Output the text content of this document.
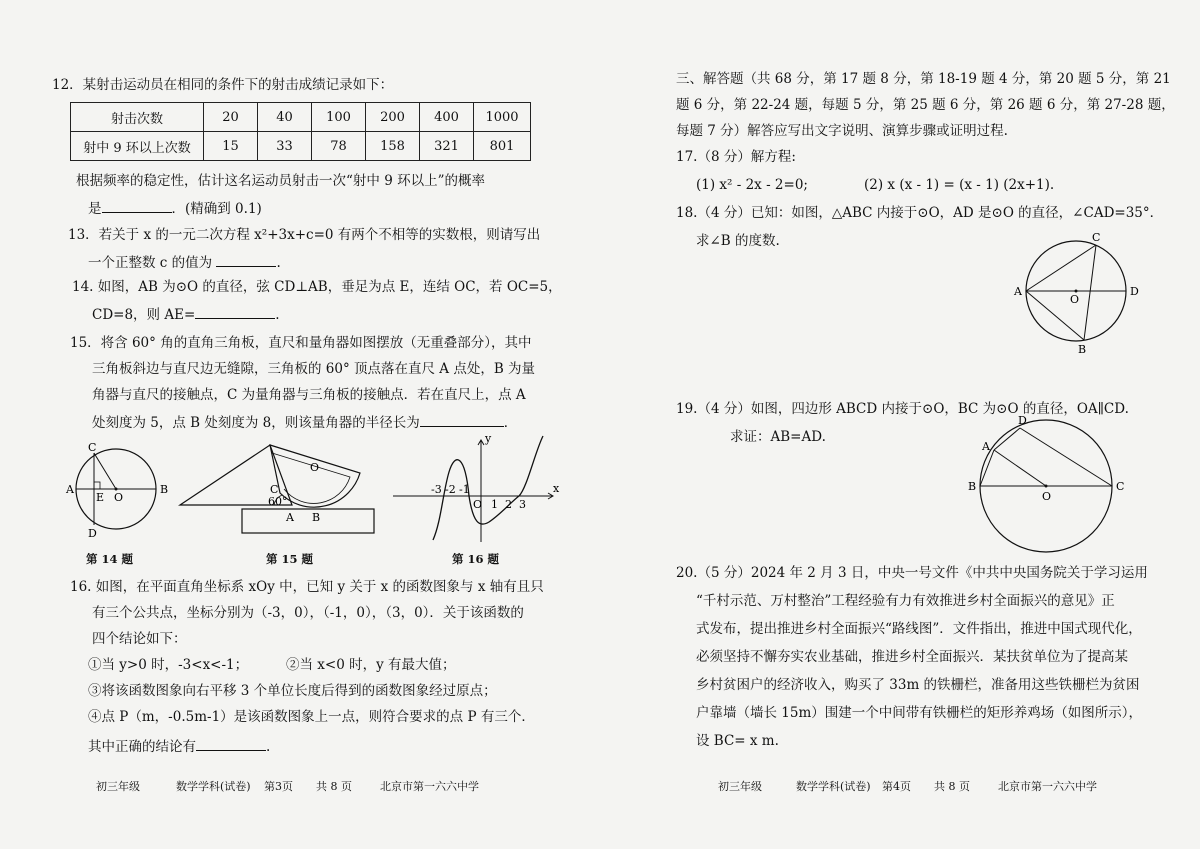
12．某射击运动员在相同的条件下的射击成绩记录如下：
射击次数	20	40	100	200	400	1000
射中 9 环以上次数	15	33	78	158	321	801
根据频率的稳定性，估计这名运动员射击一次“射中 9 环以上”的概率
是	．(精确到 0.1)
13．若关于 x 的一元二次方程 x²+3x+c=0 有两个不相等的实数根，则请写出
一个正整数 c 的值为	.
14. 如图，AB 为⊙O 的直径，弦 CD⊥AB，垂足为点 E，连结 OC，若 OC=5，
CD=8，则 AE=	.
15．将含 60° 角的直角三角板，直尺和量角器如图摆放（无重叠部分），其中
三角板斜边与直尺边无缝隙，三角板的 60° 顶点落在直尺 A 点处，B 为量
角器与直尺的接触点，C 为量角器与三角板的接触点．若在直尺上，点 A
处刻度为 5，点 B 处刻度为 8，则该量角器的半径长为	．
C
A
E O
B
D
O
C
60°
A B
y
x
O
-3 -2 -1
1 2 3
第 14 题	第 15 题	第 16 题
16. 如图，在平面直角坐标系 xOy 中，已知 y 关于 x 的函数图象与 x 轴有且只
有三个公共点，坐标分别为（-3，0），（-1，0），（3，0）．关于该函数的
四个结论如下：
①当 y>0 时，-3<x<-1；	②当 x<0 时，y 有最大值；
③将该函数图象向右平移 3 个单位长度后得到的函数图象经过原点；
④点 P（m，-0.5m-1）是该函数图象上一点，则符合要求的点 P 有三个．
其中正确的结论有	.
初三年级	数学学科(试卷) 第3页 共 8 页	北京市第一六六中学
三、解答题（共 68 分，第 17 题 8 分，第 18-19 题 4 分，第 20 题 5 分，第 21
题 6 分，第 22-24 题，每题 5 分，第 25 题 6 分，第 26 题 6 分，第 27-28 题，
每题 7 分）解答应写出文字说明、演算步骤或证明过程.
17.（8 分）解方程:
(1) x² - 2x - 2=0;	(2) x (x - 1) = (x - 1) (2x+1).
18.（4 分）已知：如图，△ABC 内接于⊙O，AD 是⊙O 的直径，∠CAD=35°．
求∠B 的度数.	C
A
O
D
B
19.（4 分）如图，四边形 ABCD 内接于⊙O，BC 为⊙O 的直径，OA∥CD.
求证：AB=AD.
D
A
B
O
C
20.（5 分）2024 年 2 月 3 日，中央一号文件《中共中央国务院关于学习运用
“千村示范、万村整治”工程经验有力有效推进乡村全面振兴的意见》正
式发布，提出推进乡村全面振兴“路线图”．文件指出，推进中国式现代化，
必须坚持不懈夯实农业基础，推进乡村全面振兴．某扶贫单位为了提高某
乡村贫困户的经济收入，购买了 33m 的铁栅栏，准备用这些铁栅栏为贫困
户靠墙（墙长 15m）围建一个中间带有铁栅栏的矩形养鸡场（如图所示），
设 BC= x m.
初三年级	数学学科(试卷) 第4页 共 8 页	北京市第一六六中学
